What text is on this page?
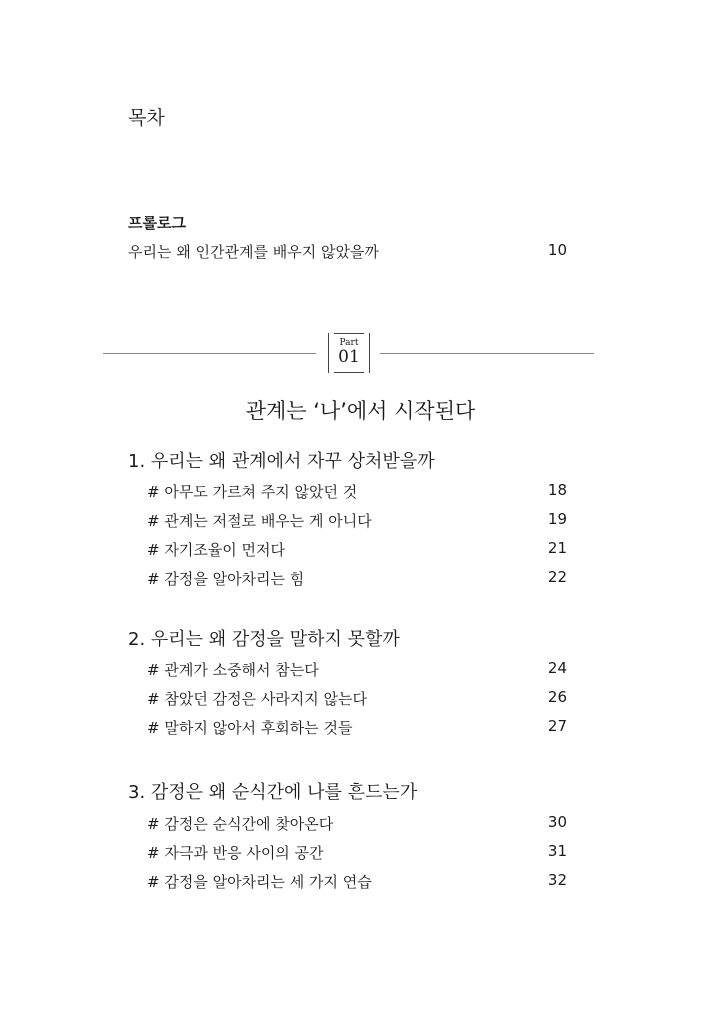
목차
프롤로그
우리는 왜 인간관계를 배우지 않았을까	10
Part
01
관계는 ‘나’에서 시작된다
1. 우리는 왜 관계에서 자꾸 상처받을까
# 아무도 가르쳐 주지 않았던 것	18
# 관계는 저절로 배우는 게 아니다	19
# 자기조율이 먼저다	21
# 감정을 알아차리는 힘	22
2. 우리는 왜 감정을 말하지 못할까
# 관계가 소중해서 참는다	24
# 참았던 감정은 사라지지 않는다	26
# 말하지 않아서 후회하는 것들	27
3. 감정은 왜 순식간에 나를 흔드는가
# 감정은 순식간에 찾아온다	30
# 자극과 반응 사이의 공간	31
# 감정을 알아차리는 세 가지 연습	32
